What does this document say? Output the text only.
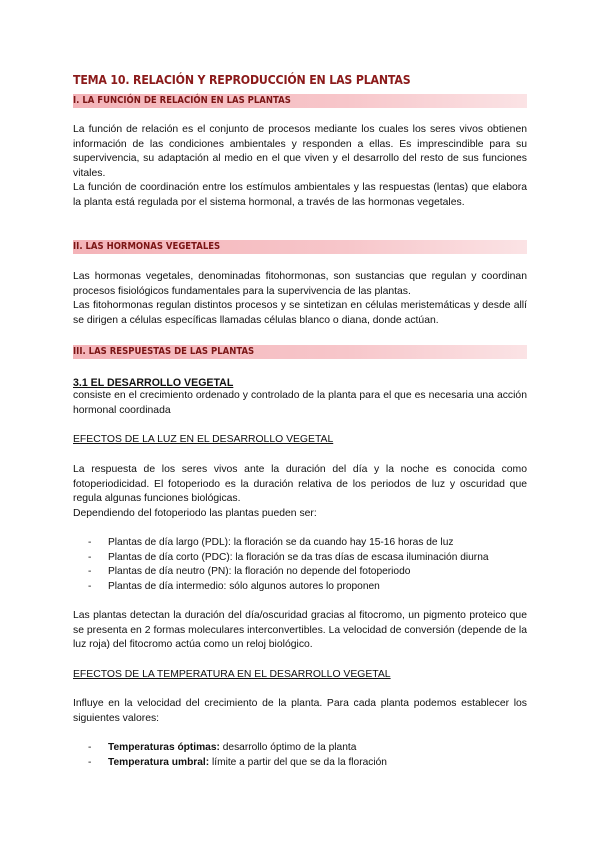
TEMA 10. RELACIÓN Y REPRODUCCIÓN EN LAS PLANTAS
I. LA FUNCIÓN DE RELACIÓN EN LAS PLANTAS

La función de relación es el conjunto de procesos mediante los cuales los seres vivos obtienen información de las condiciones ambientales y responden a ellas. Es imprescindible para su supervivencia, su adaptación al medio en el que viven y el desarrollo del resto de sus funciones vitales.

La función de coordinación entre los estímulos ambientales y las respuestas (lentas) que elabora la planta está regulada por el sistema hormonal, a través de las hormonas vegetales.

II. LAS HORMONAS VEGETALES

Las hormonas vegetales, denominadas fitohormonas, son sustancias que regulan y coordinan procesos fisiológicos fundamentales para la supervivencia de las plantas.

Las fitohormonas regulan distintos procesos y se sintetizan en células meristemáticas y desde allí se dirigen a células específicas llamadas células blanco o diana, donde actúan.

III. LAS RESPUESTAS DE LAS PLANTAS
3.1 EL DESARROLLO VEGETAL

consiste en el crecimiento ordenado y controlado de la planta para el que es necesaria una acción hormonal coordinada

EFECTOS DE LA LUZ EN EL DESARROLLO VEGETAL

La respuesta de los seres vivos ante la duración del día y la noche es conocida como fotoperiodicidad. El fotoperiodo es la duración relativa de los periodos de luz y oscuridad que regula algunas funciones biológicas.

Dependiendo del fotoperiodo las plantas pueden ser:

- Plantas de día largo (PDL): la floración se da cuando hay 15-16 horas de luz
- Plantas de día corto (PDC): la floración se da tras días de escasa iluminación diurna
- Plantas de día neutro (PN): la floración no depende del fotoperiodo
- Plantas de día intermedio: sólo algunos autores lo proponen

Las plantas detectan la duración del día/oscuridad gracias al fitocromo, un pigmento proteico que se presenta en 2 formas moleculares interconvertibles. La velocidad de conversión (depende de la luz roja) del fitocromo actúa como un reloj biológico.

EFECTOS DE LA TEMPERATURA EN EL DESARROLLO VEGETAL

Influye en la velocidad del crecimiento de la planta. Para cada planta podemos establecer los siguientes valores:

- Temperaturas óptimas: desarrollo óptimo de la planta
- Temperatura umbral: límite a partir del que se da la floración
